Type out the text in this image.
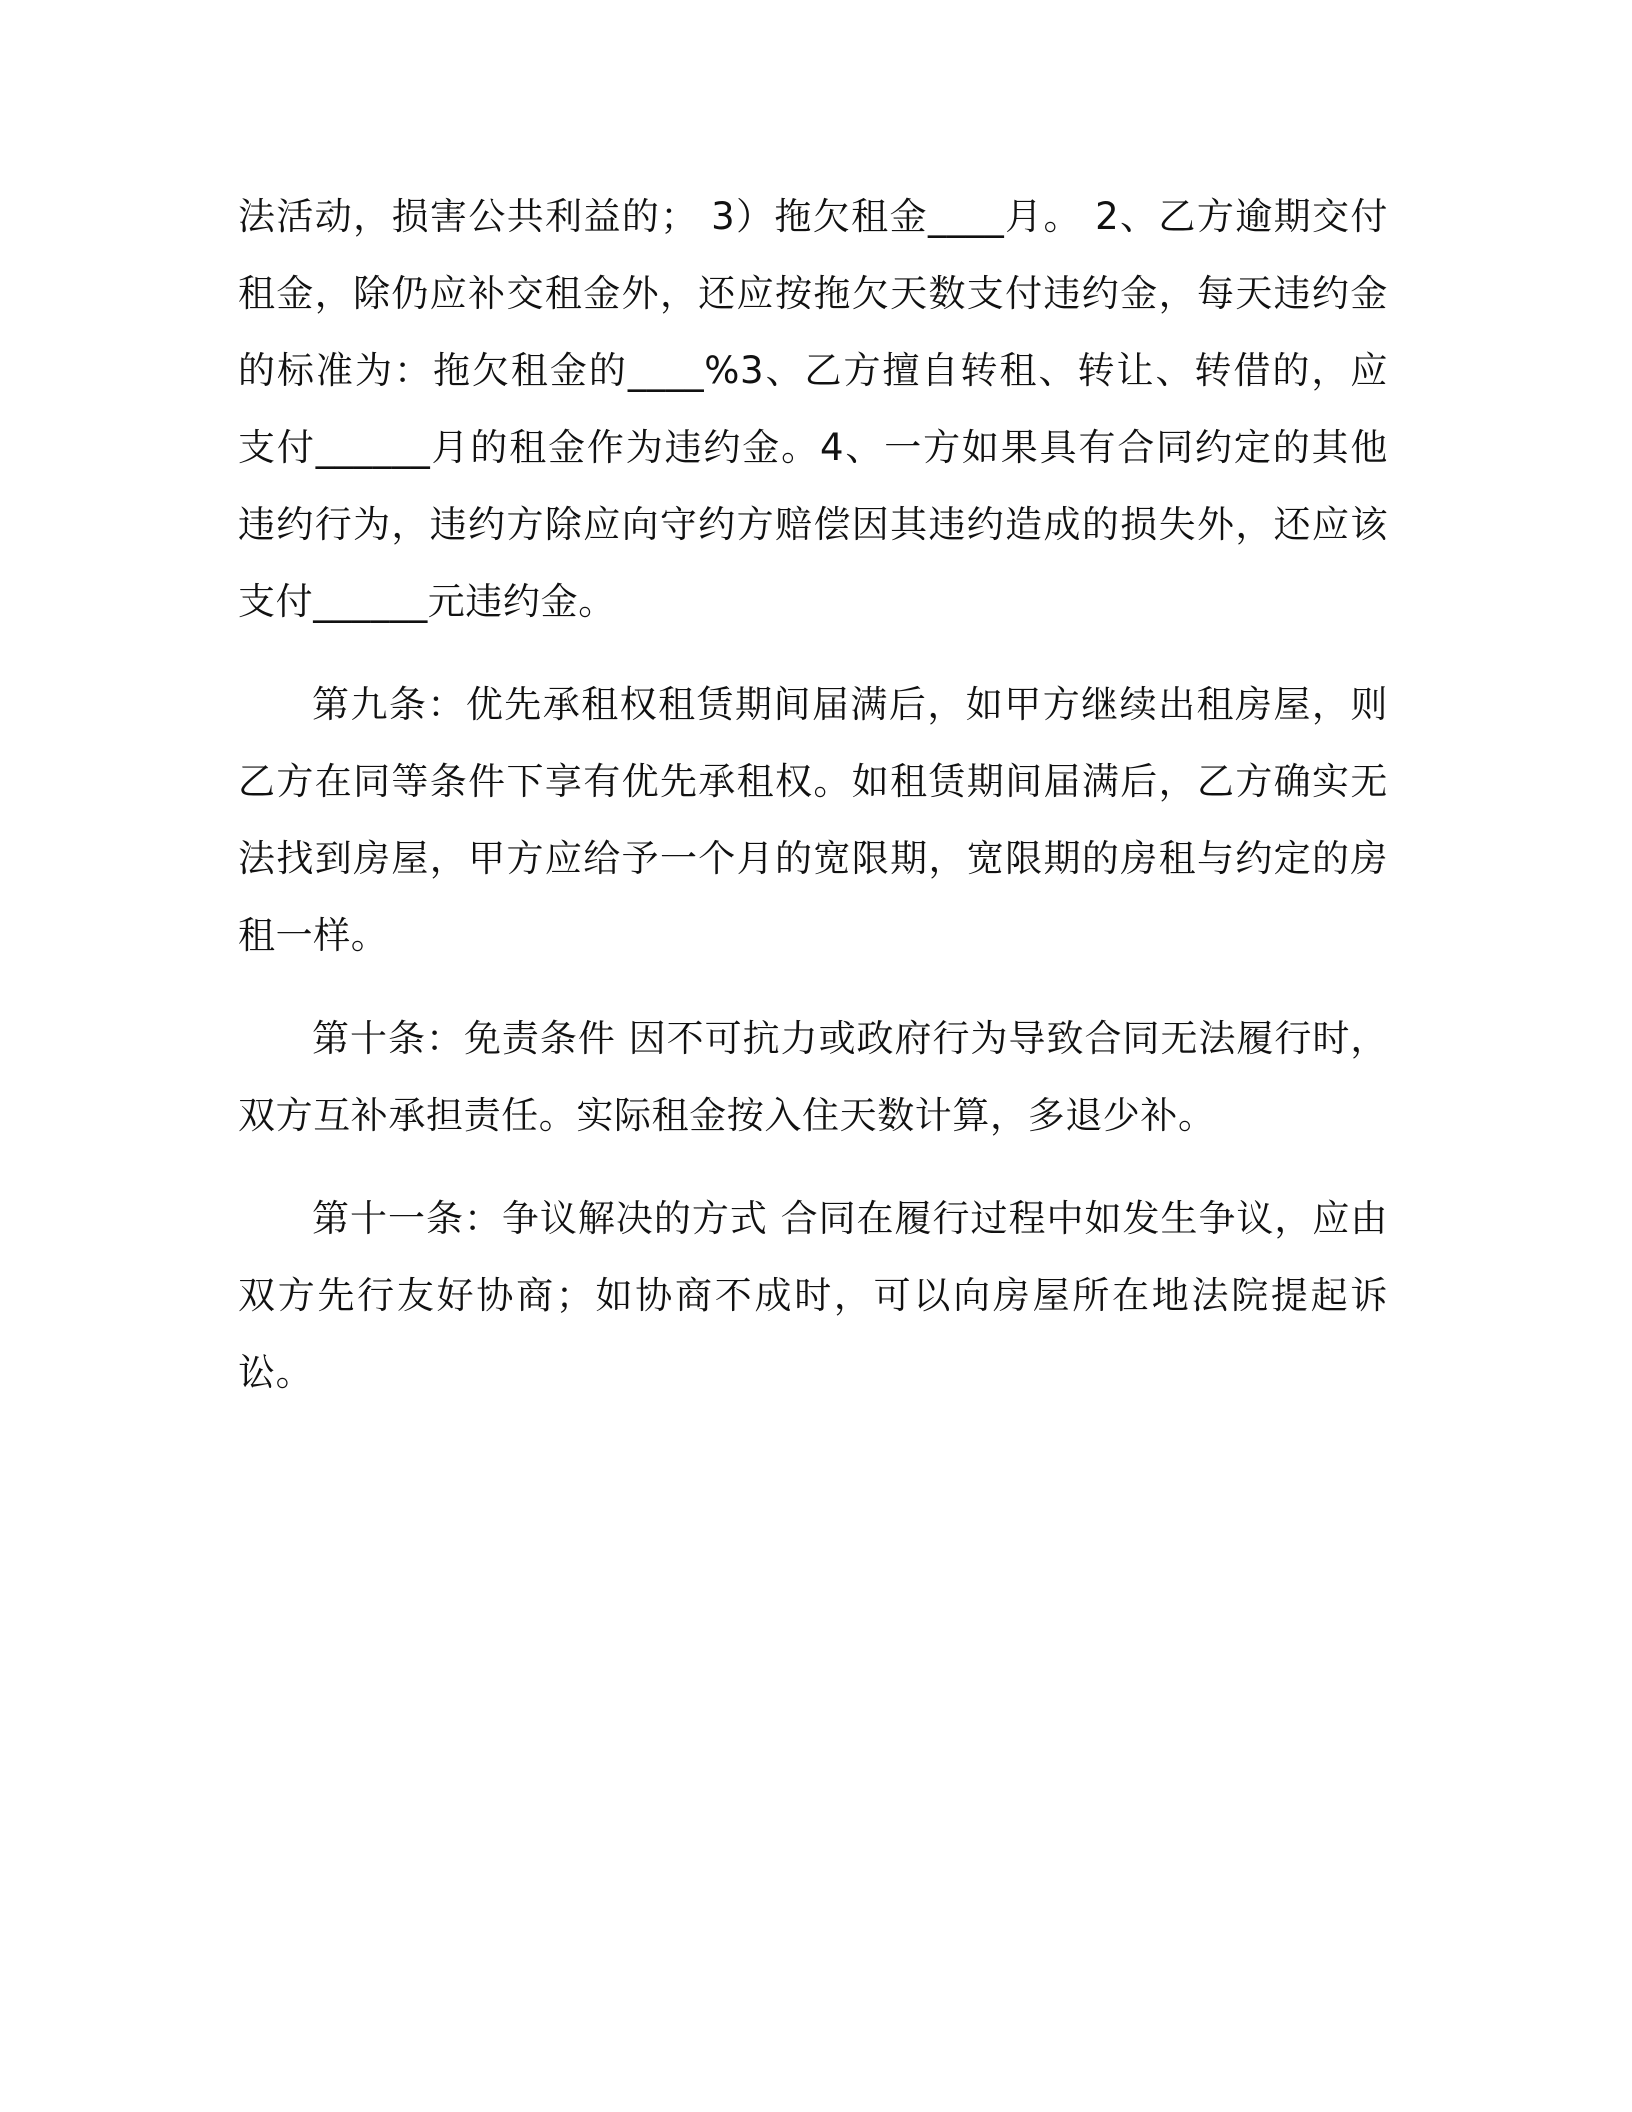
法活动，损害公共利益的； 3）拖欠租金____月。 2、乙方逾期交付租金，除仍应补交租金外，还应按拖欠天数支付违约金，每天违约金的标准为：拖欠租金的____%3、乙方擅自转租、转让、转借的，应支付______月的租金作为违约金。4、一方如果具有合同约定的其他违约行为，违约方除应向守约方赔偿因其违约造成的损失外，还应该支付______元违约金。

第九条：优先承租权租赁期间届满后，如甲方继续出租房屋，则乙方在同等条件下享有优先承租权。如租赁期间届满后，乙方确实无法找到房屋，甲方应给予一个月的宽限期，宽限期的房租与约定的房租一样。

第十条：免责条件 因不可抗力或政府行为导致合同无法履行时，双方互补承担责任。实际租金按入住天数计算，多退少补。

第十一条：争议解决的方式 合同在履行过程中如发生争议，应由双方先行友好协商；如协商不成时，可以向房屋所在地法院提起诉讼。
